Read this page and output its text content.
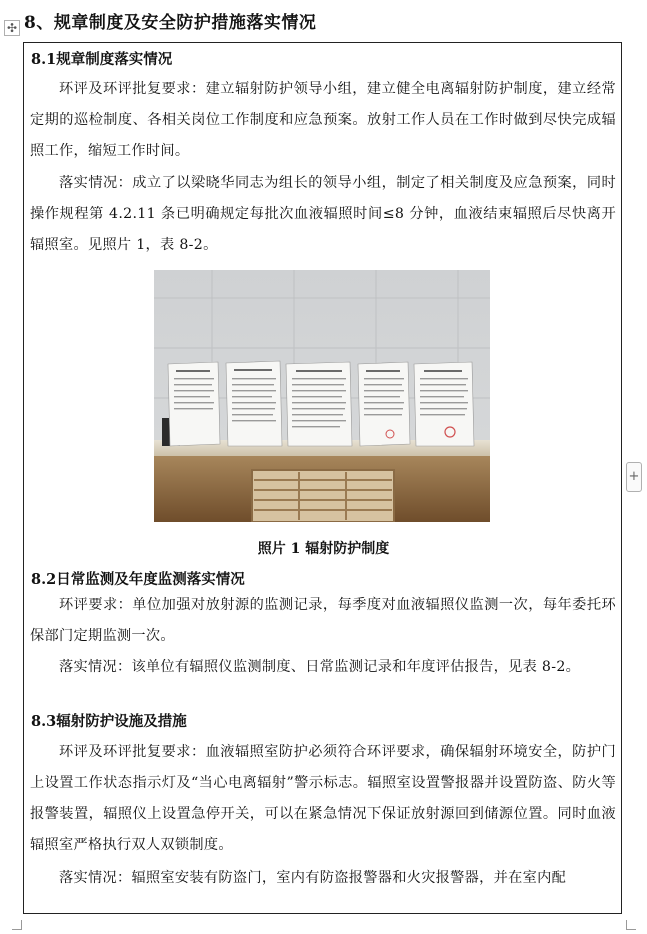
✣ 8、规章制度及安全防护措施落实情况
8.1规章制度落实情况
环评及环评批复要求：建立辐射防护领导小组，建立健全电离辐射防护制度，建立经常定期的巡检制度、各相关岗位工作制度和应急预案。放射工作人员在工作时做到尽快完成辐照工作，缩短工作时间。
落实情况：成立了以梁晓华同志为组长的领导小组，制定了相关制度及应急预案，同时操作规程第 4.2.11 条已明确规定每批次血液辐照时间≤8 分钟，血液结束辐照后尽快离开辐照室。见照片 1，表 8-2。
照片 1 辐射防护制度
8.2日常监测及年度监测落实情况
环评要求：单位加强对放射源的监测记录，每季度对血液辐照仪监测一次，每年委托环保部门定期监测一次。
落实情况：该单位有辐照仪监测制度、日常监测记录和年度评估报告，见表 8-2。
8.3辐射防护设施及措施
环评及环评批复要求：血液辐照室防护必须符合环评要求，确保辐射环境安全，防护门上设置工作状态指示灯及“当心电离辐射”警示标志。辐照室设置警报器并设置防盗、防火等报警装置，辐照仪上设置急停开关，可以在紧急情况下保证放射源回到储源位置。同时血液辐照室严格执行双人双锁制度。
落实情况：辐照室安装有防盗门，室内有防盗报警器和火灾报警器，并在室内配
+
